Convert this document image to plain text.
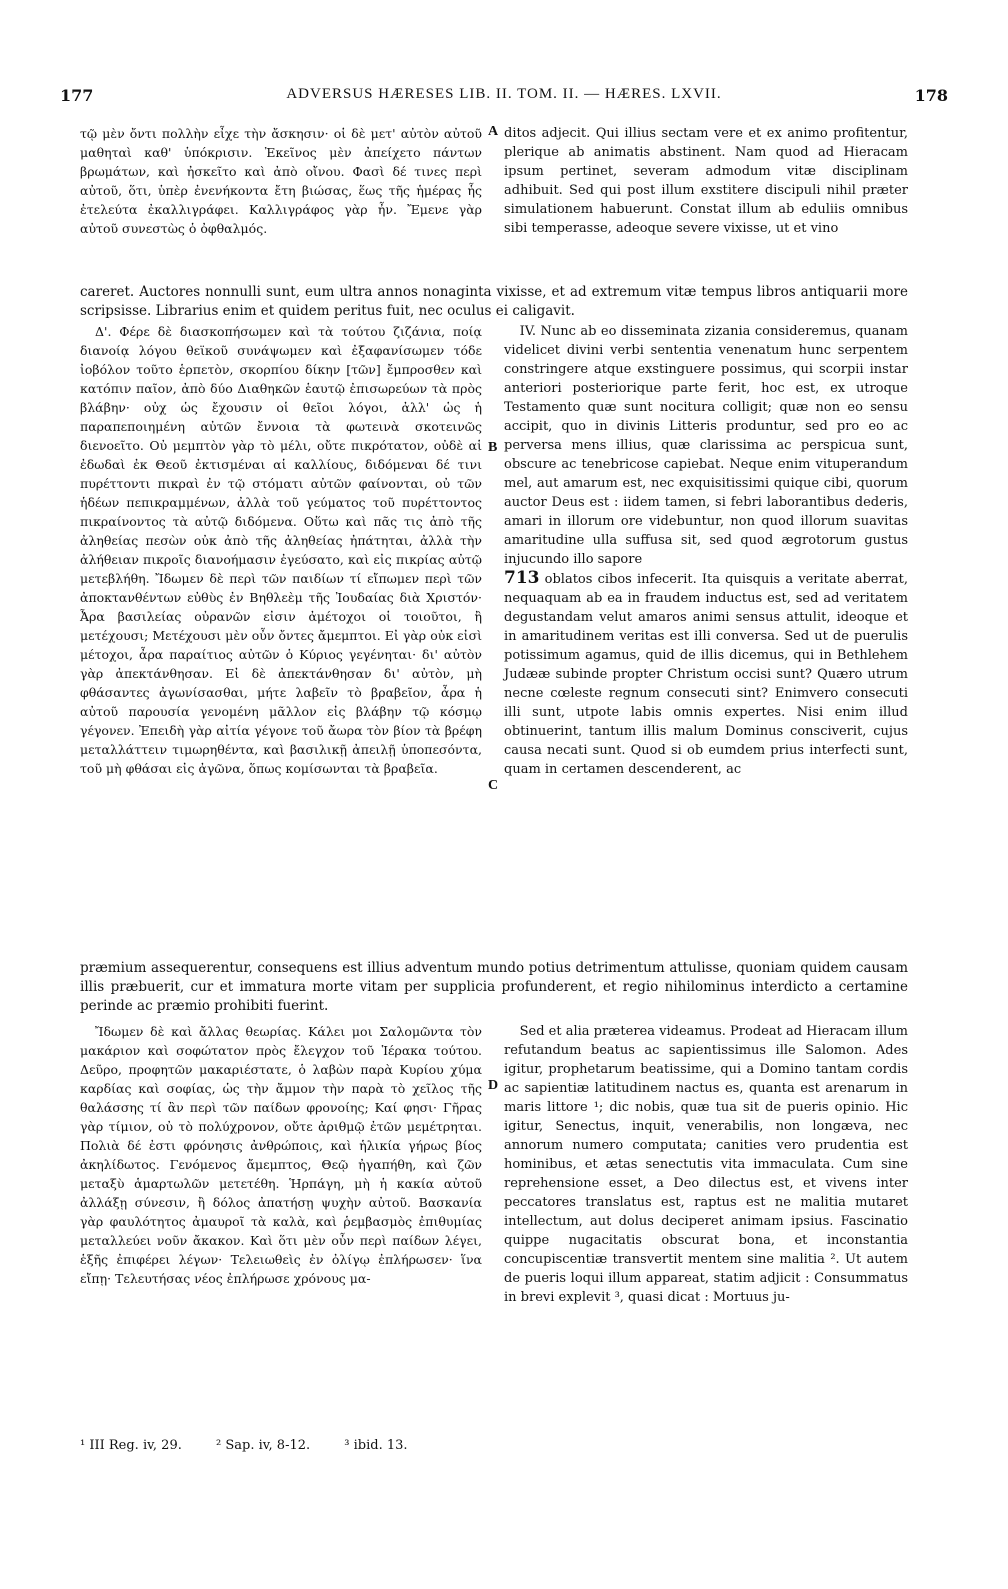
177	ADVERSUS HÆRESES LIB. II. TOM. II. — HÆRES. LXVII.	178

τῷ μὲν ὄντι πολλὴν εἶχε τὴν ἄσκησιν· οἱ δὲ μετ' αὐτὸν αὐτοῦ μαθηταὶ καθ' ὑπόκρισιν. Ἐκεῖνος μὲν ἀπείχετο πάντων βρωμάτων, καὶ ἠσκεῖτο καὶ ἀπὸ οἴνου. Φασὶ δέ τινες περὶ αὐτοῦ, ὅτι, ὑπὲρ ἐνενήκοντα ἔτη βιώσας, ἕως τῆς ἡμέρας ἧς ἐτελεύτα ἐκαλλιγράφει. Καλλιγράφος γὰρ ἦν. Ἔμενε γὰρ αὐτοῦ συνεστὼς ὁ ὀφθαλμός.

A ditos adjecit. Qui illius sectam vere et ex animo profitentur, plerique ab animatis abstinent. Nam quod ad Hieracam ipsum pertinet, severam admodum vitæ disciplinam adhibuit. Sed qui post illum exstitere discipuli nihil præter simulationem habuerunt. Constat illum ab eduliis omnibus sibi temperasse, adeoque severe vixisse, ut et vino

careret. Auctores nonnulli sunt, eum ultra annos nonaginta vixisse, et ad extremum vitæ tempus libros antiquarii more scripsisse. Librarius enim et quidem peritus fuit, nec oculus ei caligavit.

Δ'. Φέρε δὲ διασκοπήσωμεν καὶ τὰ τούτου ζιζάνια, ποίᾳ διανοίᾳ λόγου θεϊκοῦ συνάψωμεν καὶ ἐξαφανίσωμεν τόδε ἰοβόλον τοῦτο ἑρπετὸν, σκορπίου δίκην [τῶν] ἔμπροσθεν καὶ κατόπιν παῖον, ἀπὸ δύο Διαθηκῶν ἑαυτῷ ἐπισωρεύων τὰ πρὸς βλάβην· οὐχ ὡς ἔχουσιν οἱ θεῖοι λόγοι, ἀλλ' ὡς ἡ παραπεποιημένη αὐτῶν ἔννοια τὰ φωτεινὰ σκοτεινῶς διενοεῖτο. Οὐ μεμπτὸν γὰρ τὸ μέλι, οὔτε πικρότατον, οὐδὲ αἱ ἐδωδαὶ ἐκ Θεοῦ ἐκτισμέναι αἱ καλλίους, διδόμεναι δέ τινι πυρέττοντι πικραὶ ἐν τῷ στόματι αὐτῶν φαίνονται, οὐ τῶν ἡδέων πεπικραμμένων, ἀλλὰ τοῦ γεύματος τοῦ πυρέττοντος πικραίνοντος τὰ αὐτῷ διδόμενα. Οὕτω καὶ πᾶς τις ἀπὸ τῆς ἀληθείας πεσὼν οὐκ ἀπὸ τῆς ἀληθείας ἠπάτηται, ἀλλὰ τὴν ἀλήθειαν πικροῖς διανοήμασιν ἐγεύσατο, καὶ εἰς πικρίας αὐτῷ μετεβλήθη. Ἴδωμεν δὲ περὶ τῶν παιδίων τί εἴπωμεν περὶ τῶν ἀποκτανθέντων εὐθὺς ἐν Βηθλεὲμ τῆς Ἰουδαίας διὰ Χριστόν· Ἆρα βασιλείας οὐρανῶν εἰσιν ἀμέτοχοι οἱ τοιοῦτοι, ἢ μετέχουσι; Μετέχουσι μὲν οὖν ὄντες ἄμεμπτοι. Εἰ γὰρ οὐκ εἰσὶ μέτοχοι, ἆρα παραίτιος αὐτῶν ὁ Κύριος γεγένηται· δι' αὐτὸν γὰρ ἀπεκτάνθησαν. Εἰ δὲ ἀπεκτάνθησαν δι' αὐτὸν, μὴ φθάσαντες ἀγωνίσασθαι, μήτε λαβεῖν τὸ βραβεῖον, ἆρα ἡ αὐτοῦ παρουσία γενομένη μᾶλλον εἰς βλάβην τῷ κόσμῳ γέγονεν. Ἐπειδὴ γὰρ αἰτία γέγονε τοῦ ἄωρα τὸν βίον τὰ βρέφη μεταλλάττειν τιμωρηθέντα, καὶ βασιλικῇ ἀπειλῇ ὑποπεσόντα, τοῦ μὴ φθάσαι εἰς ἀγῶνα, ὅπως κομίσωνται τὰ βραβεῖα.

B
C

IV. Nunc ab eo disseminata zizania consideremus, quanam videlicet divini verbi sententia venenatum hunc serpentem constringere atque exstinguere possimus, qui scorpii instar anteriori posteriorique parte ferit, hoc est, ex utroque Testamento quæ sunt nocitura colligit; quæ non eo sensu accipit, quo in divinis Litteris produntur, sed pro eo ac perversa mens illius, quæ clarissima ac perspicua sunt, obscure ac tenebricose capiebat. Neque enim vituperandum mel, aut amarum est, nec exquisitissimi quique cibi, quorum auctor Deus est : iidem tamen, si febri laborantibus dederis, amari in illorum ore videbuntur, non quod illorum suavitas amaritudine ulla suffusa sit, sed quod ægrotorum gustus injucundo illo sapore

713 oblatos cibos infecerit. Ita quisquis a veritate aberrat, nequaquam ab ea in fraudem inductus est, sed ad veritatem degustandam velut amaros animi sensus attulit, ideoque et in amaritudinem veritas est illi conversa. Sed ut de puerulis potissimum agamus, quid de illis dicemus, qui in Bethlehem Judææ subinde propter Christum occisi sunt? Quæro utrum necne cœleste regnum consecuti sint? Enimvero consecuti illi sunt, utpote labis omnis expertes. Nisi enim illud obtinuerint, tantum illis malum Dominus consciverit, cujus causa necati sunt. Quod si ob eumdem prius interfecti sunt, quam in certamen descenderent, ac

præmium assequerentur, consequens est illius adventum mundo potius detrimentum attulisse, quoniam quidem causam illis præbuerit, cur et immatura morte vitam per supplicia profunderent, et regio nihilominus interdicto a certamine perinde ac præmio prohibiti fuerint.

Ἴδωμεν δὲ καὶ ἄλλας θεωρίας. Κάλει μοι Σαλομῶντα τὸν μακάριον καὶ σοφώτατον πρὸς ἔλεγχον τοῦ Ἱέρακα τούτου. Δεῦρο, προφητῶν μακαριέστατε, ὁ λαβὼν παρὰ Κυρίου χύμα καρδίας καὶ σοφίας, ὡς τὴν ἄμμον τὴν παρὰ τὸ χεῖλος τῆς θαλάσσης τί ἂν περὶ τῶν παίδων φρονοίης; Καί φησι· Γῆρας γὰρ τίμιον, οὐ τὸ πολύχρονον, οὔτε ἀριθμῷ ἐτῶν μεμέτρηται. Πολιὰ δέ ἐστι φρόνησις ἀνθρώποις, καὶ ἡλικία γήρως βίος ἀκηλίδωτος. Γενόμενος ἄμεμπτος, Θεῷ ἠγαπήθη, καὶ ζῶν μεταξὺ ἁμαρτωλῶν μετετέθη. Ἡρπάγη, μὴ ἡ κακία αὐτοῦ ἀλλάξῃ σύνεσιν, ἢ δόλος ἀπατήσῃ ψυχὴν αὐτοῦ. Βασκανία γὰρ φαυλότητος ἀμαυροῖ τὰ καλὰ, καὶ ῥεμβασμὸς ἐπιθυμίας μεταλλεύει νοῦν ἄκακον. Καὶ ὅτι μὲν οὖν περὶ παίδων λέγει, ἑξῆς ἐπιφέρει λέγων· Τελειωθεὶς ἐν ὀλίγῳ ἐπλήρωσεν· ἵνα εἴπῃ· Τελευτήσας νέος ἐπλήρωσε χρόνους μα-

D

Sed et alia præterea videamus. Prodeat ad Hieracam illum refutandum beatus ac sapientissimus ille Salomon. Ades igitur, prophetarum beatissime, qui a Domino tantam cordis ac sapientiæ latitudinem nactus es, quanta est arenarum in maris littore ¹; dic nobis, quæ tua sit de pueris opinio. Hic igitur, Senectus, inquit, venerabilis, non longæva, nec annorum numero computata; canities vero prudentia est hominibus, et ætas senectutis vita immaculata. Cum sine reprehensione esset, a Deo dilectus est, et vivens inter peccatores translatus est, raptus est ne malitia mutaret intellectum, aut dolus deciperet animam ipsius. Fascinatio quippe nugacitatis obscurat bona, et inconstantia concupiscentiæ transvertit mentem sine malitia ². Ut autem de pueris loqui illum appareat, statim adjicit : Consummatus in brevi explevit ³, quasi dicat : Mortuus ju-

¹ III Reg. iv, 29.	² Sap. iv, 8-12.	³ ibid. 13.
